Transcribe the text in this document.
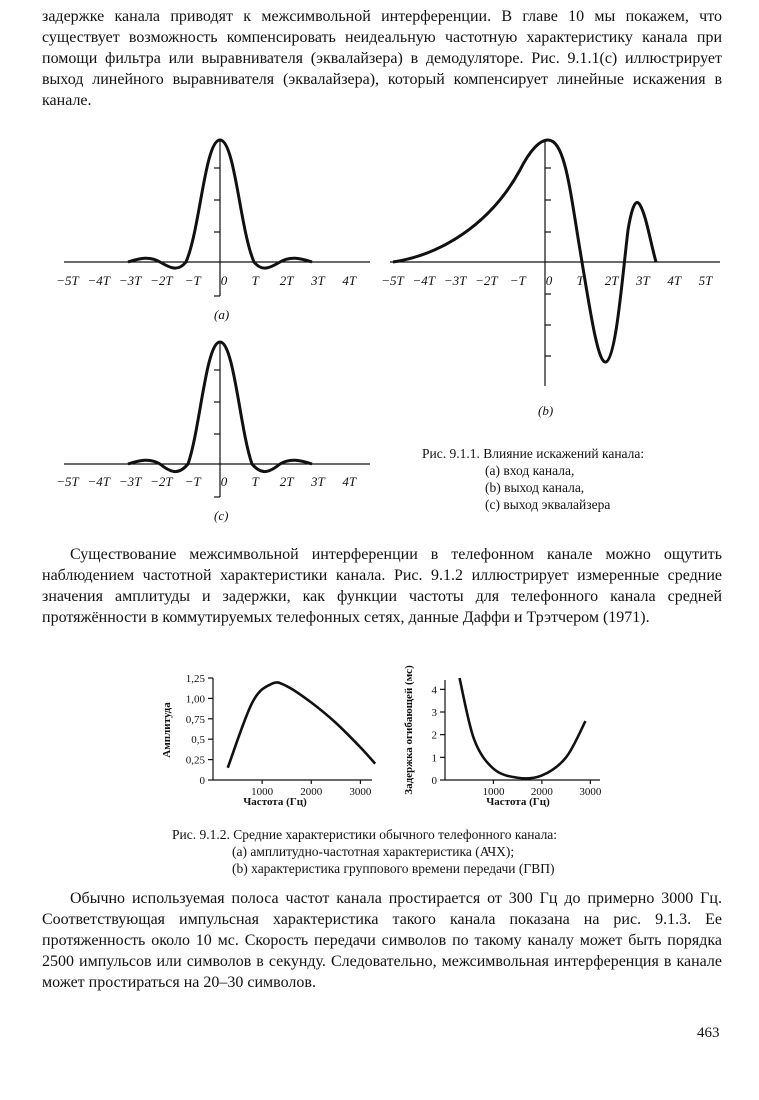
задержке канала приводят к межсимвольной интерференции. В главе 10 мы покажем, что существует возможность компенсировать неидеальную частотную характеристику канала при помощи фильтра или выравнивателя (эквалайзера) в демодуляторе. Рис. 9.1.1(с) иллюстрирует выход линейного выравнивателя (эквалайзера), который компенсирует линейные искажения в канале.

−5T −4T −3T −2T −T 0 T 2T 3T 4T
(a)
−5T −4T −3T −2T −T 0 T 2T 3T 4T 5T
(b)
−5T −4T −3T −2T −T 0 T 2T 3T 4T
(c)
Рис. 9.1.1. Влияние искажений канала:
(a) вход канала,
(b) выход канала,
(c) выход эквалайзера

Существование межсимвольной интерференции в телефонном канале можно ощутить наблюдением частотной характеристики канала. Рис. 9.1.2 иллюстрирует измеренные средние значения амплитуды и задержки, как функции частоты для телефонного канала средней протяжённости в коммутируемых телефонных сетях, данные Даффи и Трэтчером (1971).

1,25
1,00
0,75
0,5
0,25
0
1000 2000 3000
Амплитуда
Частота (Гц)
4
3
2
1
0
1000 2000 3000
Задержка огибающей (мс)
Частота (Гц)
Рис. 9.1.2. Средние характеристики обычного телефонного канала:
(a) амплитудно-частотная характеристика (АЧХ);
(b) характеристика группового времени передачи (ГВП)

Обычно используемая полоса частот канала простирается от 300 Гц до примерно 3000 Гц. Соответствующая импульсная характеристика такого канала показана на рис. 9.1.3. Ее протяженность около 10 мс. Скорость передачи символов по такому каналу может быть порядка 2500 импульсов или символов в секунду. Следовательно, межсимвольная интерференция в канале может простираться на 20–30 символов.

463
